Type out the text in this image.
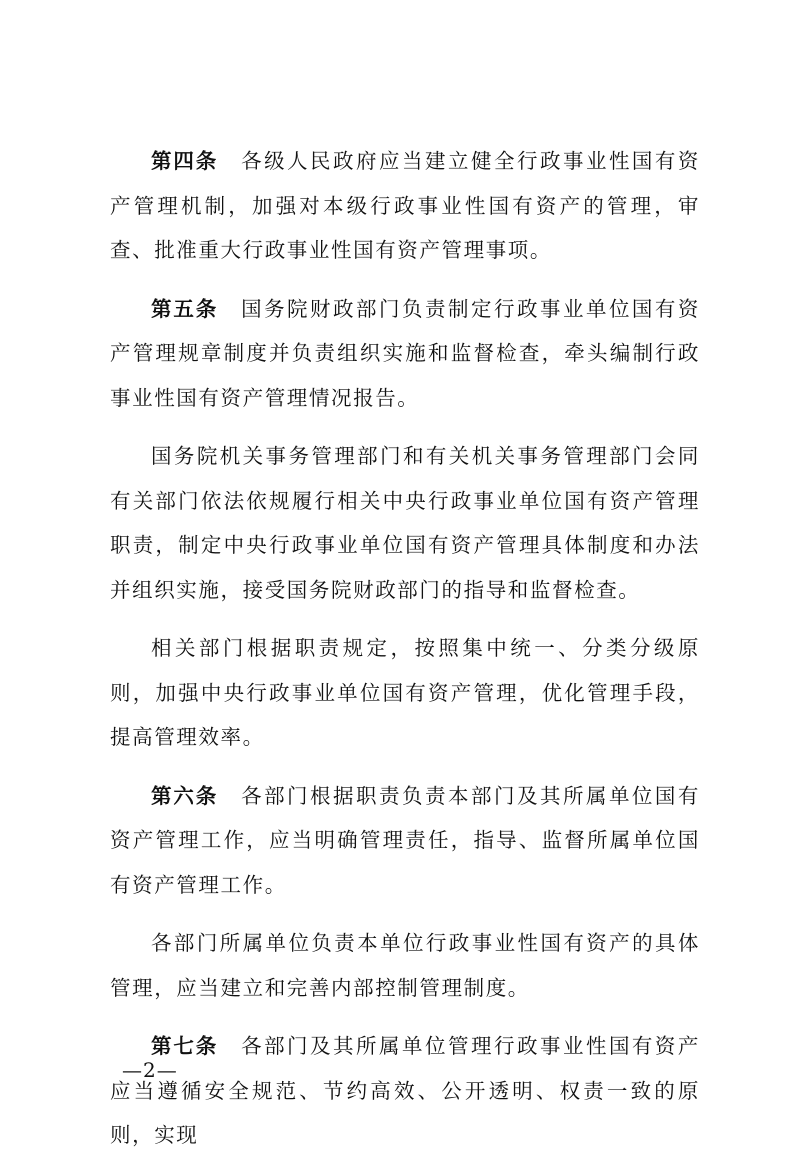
第四条 各级人民政府应当建立健全行政事业性国有资产管理机制，加强对本级行政事业性国有资产的管理，审查、批准重大行政事业性国有资产管理事项。

第五条 国务院财政部门负责制定行政事业单位国有资产管理规章制度并负责组织实施和监督检查，牵头编制行政事业性国有资产管理情况报告。

国务院机关事务管理部门和有关机关事务管理部门会同有关部门依法依规履行相关中央行政事业单位国有资产管理职责，制定中央行政事业单位国有资产管理具体制度和办法并组织实施，接受国务院财政部门的指导和监督检查。

相关部门根据职责规定，按照集中统一、分类分级原则，加强中央行政事业单位国有资产管理，优化管理手段，提高管理效率。

第六条 各部门根据职责负责本部门及其所属单位国有资产管理工作，应当明确管理责任，指导、监督所属单位国有资产管理工作。

各部门所属单位负责本单位行政事业性国有资产的具体管理，应当建立和完善内部控制管理制度。

第七条 各部门及其所属单位管理行政事业性国有资产应当遵循安全规范、节约高效、公开透明、权责一致的原则，实现

—2—
